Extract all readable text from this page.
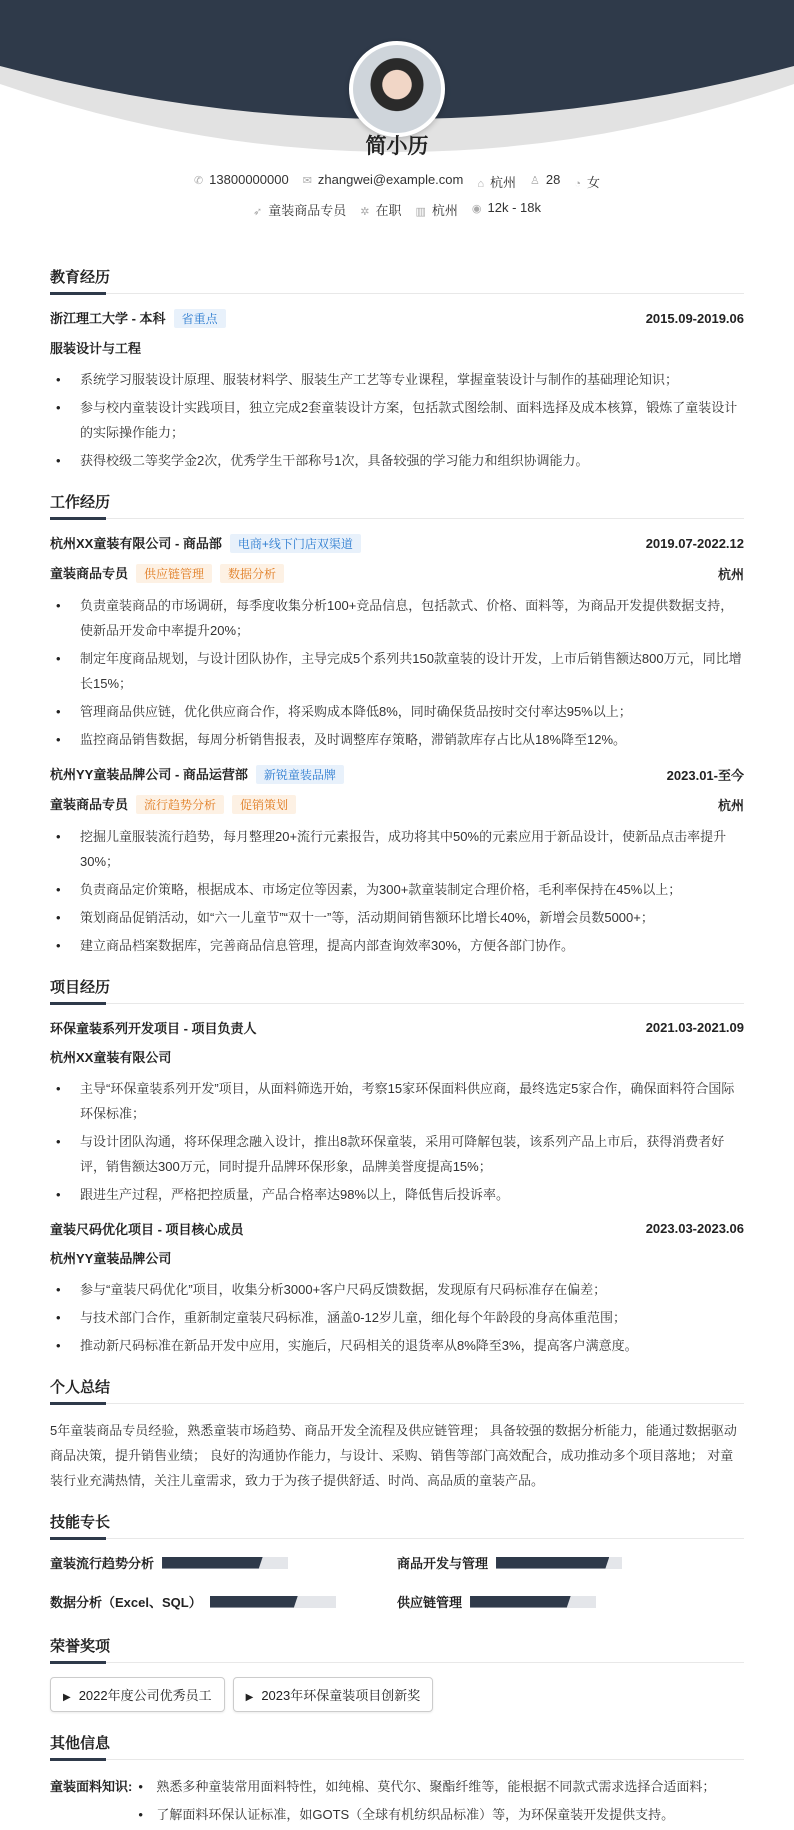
简小历
✆ 13800000000 ✉ zhangwei@example.com ⌂ 杭州 ♙ 28 ◔ 女
➶ 童装商品专员 ✲ 在职 ▥ 杭州 ◉ 12k - 18k
教育经历
浙江理工大学 - 本科 省重点	2015.09-2019.06
服装设计与工程
• 系统学习服装设计原理、服装材料学、服装生产工艺等专业课程，掌握童装设计与制作的基础理论知识；
• 参与校内童装设计实践项目，独立完成2套童装设计方案，包括款式图绘制、面料选择及成本核算，锻炼了童装设计的实际操作能力；
• 获得校级二等奖学金2次，优秀学生干部称号1次，具备较强的学习能力和组织协调能力。
工作经历
杭州XX童装有限公司 - 商品部 电商+线下门店双渠道	2019.07-2022.12
童装商品专员 供应链管理 数据分析	杭州
• 负责童装商品的市场调研，每季度收集分析100+竞品信息，包括款式、价格、面料等，为商品开发提供数据支持，使新品开发命中率提升20%；
• 制定年度商品规划，与设计团队协作，主导完成5个系列共150款童装的设计开发，上市后销售额达800万元，同比增长15%；
• 管理商品供应链，优化供应商合作，将采购成本降低8%，同时确保货品按时交付率达95%以上；
• 监控商品销售数据，每周分析销售报表，及时调整库存策略，滞销款库存占比从18%降至12%。
杭州YY童装品牌公司 - 商品运营部 新锐童装品牌	2023.01-至今
童装商品专员 流行趋势分析 促销策划	杭州
• 挖掘儿童服装流行趋势，每月整理20+流行元素报告，成功将其中50%的元素应用于新品设计，使新品点击率提升30%；
• 负责商品定价策略，根据成本、市场定位等因素，为300+款童装制定合理价格，毛利率保持在45%以上；
• 策划商品促销活动，如“六一儿童节”“双十一”等，活动期间销售额环比增长40%，新增会员数5000+；
• 建立商品档案数据库，完善商品信息管理，提高内部查询效率30%，方便各部门协作。
项目经历
环保童装系列开发项目 - 项目负责人	2021.03-2021.09
杭州XX童装有限公司
• 主导“环保童装系列开发”项目，从面料筛选开始，考察15家环保面料供应商，最终选定5家合作，确保面料符合国际环保标准；
• 与设计团队沟通，将环保理念融入设计，推出8款环保童装，采用可降解包装，该系列产品上市后，获得消费者好评，销售额达300万元，同时提升品牌环保形象，品牌美誉度提高15%；
• 跟进生产过程，严格把控质量，产品合格率达98%以上，降低售后投诉率。
童装尺码优化项目 - 项目核心成员	2023.03-2023.06
杭州YY童装品牌公司
• 参与“童装尺码优化”项目，收集分析3000+客户尺码反馈数据，发现原有尺码标准存在偏差；
• 与技术部门合作，重新制定童装尺码标准，涵盖0-12岁儿童，细化每个年龄段的身高体重范围；
• 推动新尺码标准在新品开发中应用，实施后，尺码相关的退货率从8%降至3%，提高客户满意度。
个人总结

5年童装商品专员经验，熟悉童装市场趋势、商品开发全流程及供应链管理； 具备较强的数据分析能力，能通过数据驱动商品决策，提升销售业绩； 良好的沟通协作能力，与设计、采购、销售等部门高效配合，成功推动多个项目落地； 对童装行业充满热情，关注儿童需求，致力于为孩子提供舒适、时尚、高品质的童装产品。

技能专长
童装流行趋势分析	商品开发与管理
数据分析（Excel、SQL）	供应链管理
荣誉奖项
▶ 2022年度公司优秀员工	▶ 2023年环保童装项目创新奖
其他信息
童装面料知识:	• 熟悉多种童装常用面料特性，如纯棉、莫代尔、聚酯纤维等，能根据不同款式需求选择合适面料；
• 了解面料环保认证标准，如GOTS（全球有机纺织品标准）等，为环保童装开发提供支持。
